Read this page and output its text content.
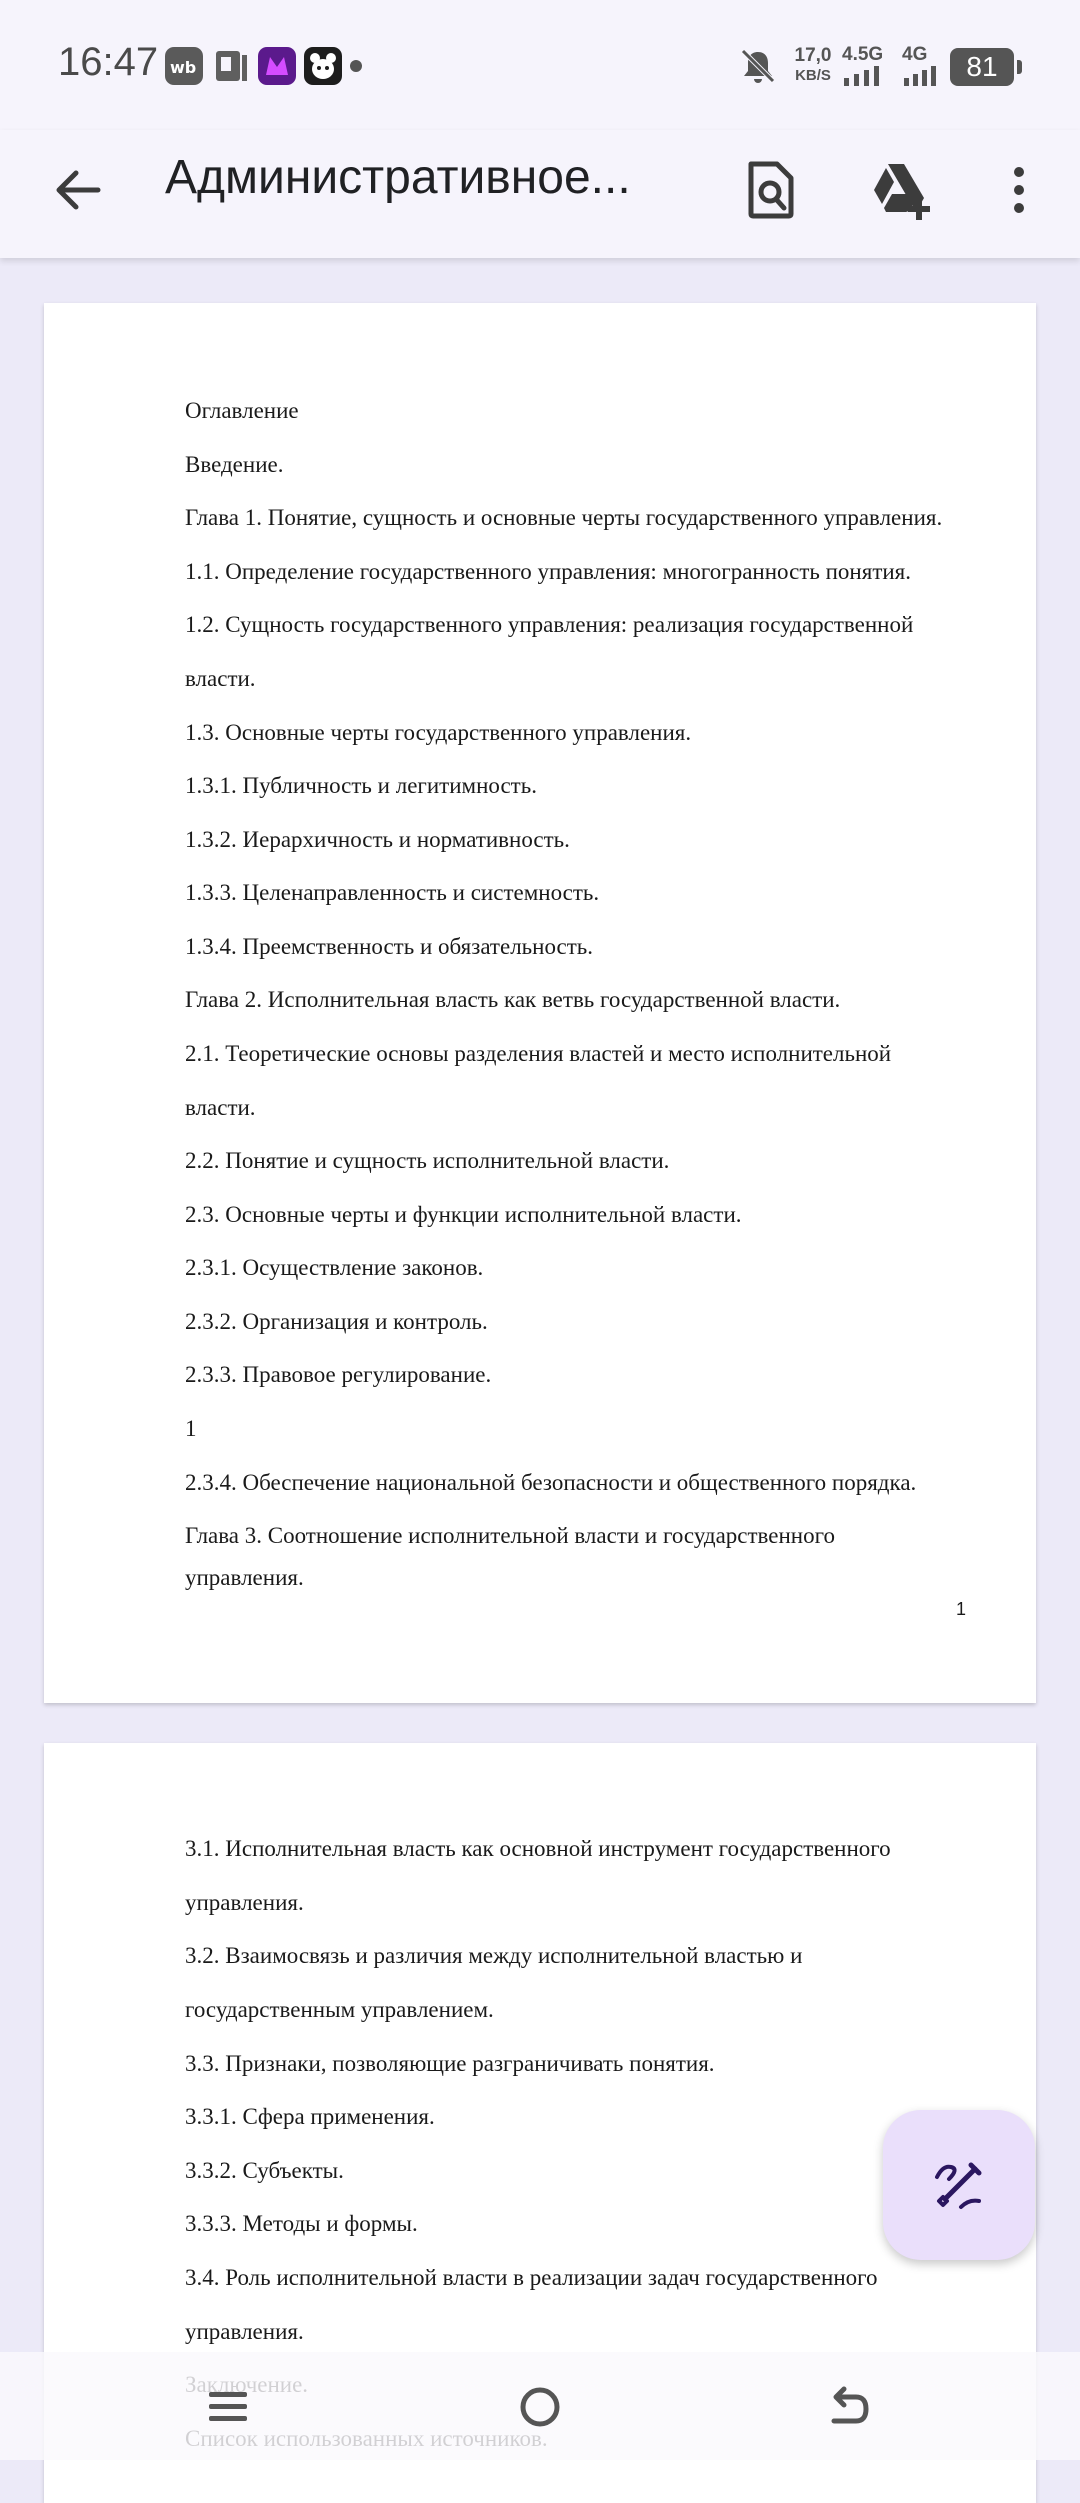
16:47 wb
17,0
KB/S
4.5G 4G	81
Административное...
Оглавление
Введение.
Глава 1. Понятие, сущность и основные черты государственного управления.
1.1. Определение государственного управления: многогранность понятия.
1.2. Сущность государственного управления: реализация государственной
власти.
1.3. Основные черты государственного управления.
1.3.1. Публичность и легитимность.
1.3.2. Иерархичность и нормативность.
1.3.3. Целенаправленность и системность.
1.3.4. Преемственность и обязательность.
Глава 2. Исполнительная власть как ветвь государственной власти.
2.1. Теоретические основы разделения властей и место исполнительной
власти.
2.2. Понятие и сущность исполнительной власти.
2.3. Основные черты и функции исполнительной власти.
2.3.1. Осуществление законов.
2.3.2. Организация и контроль.
2.3.3. Правовое регулирование.
1
2.3.4. Обеспечение национальной безопасности и общественного порядка.
Глава 3. Соотношение исполнительной власти и государственного
управления.
1
3.1. Исполнительная власть как основной инструмент государственного
управления.
3.2. Взаимосвязь и различия между исполнительной властью и
государственным управлением.
3.3. Признаки, позволяющие разграничивать понятия.
3.3.1. Сфера применения.
3.3.2. Субъекты.
3.3.3. Методы и формы.
3.4. Роль исполнительной власти в реализации задач государственного
управления.
